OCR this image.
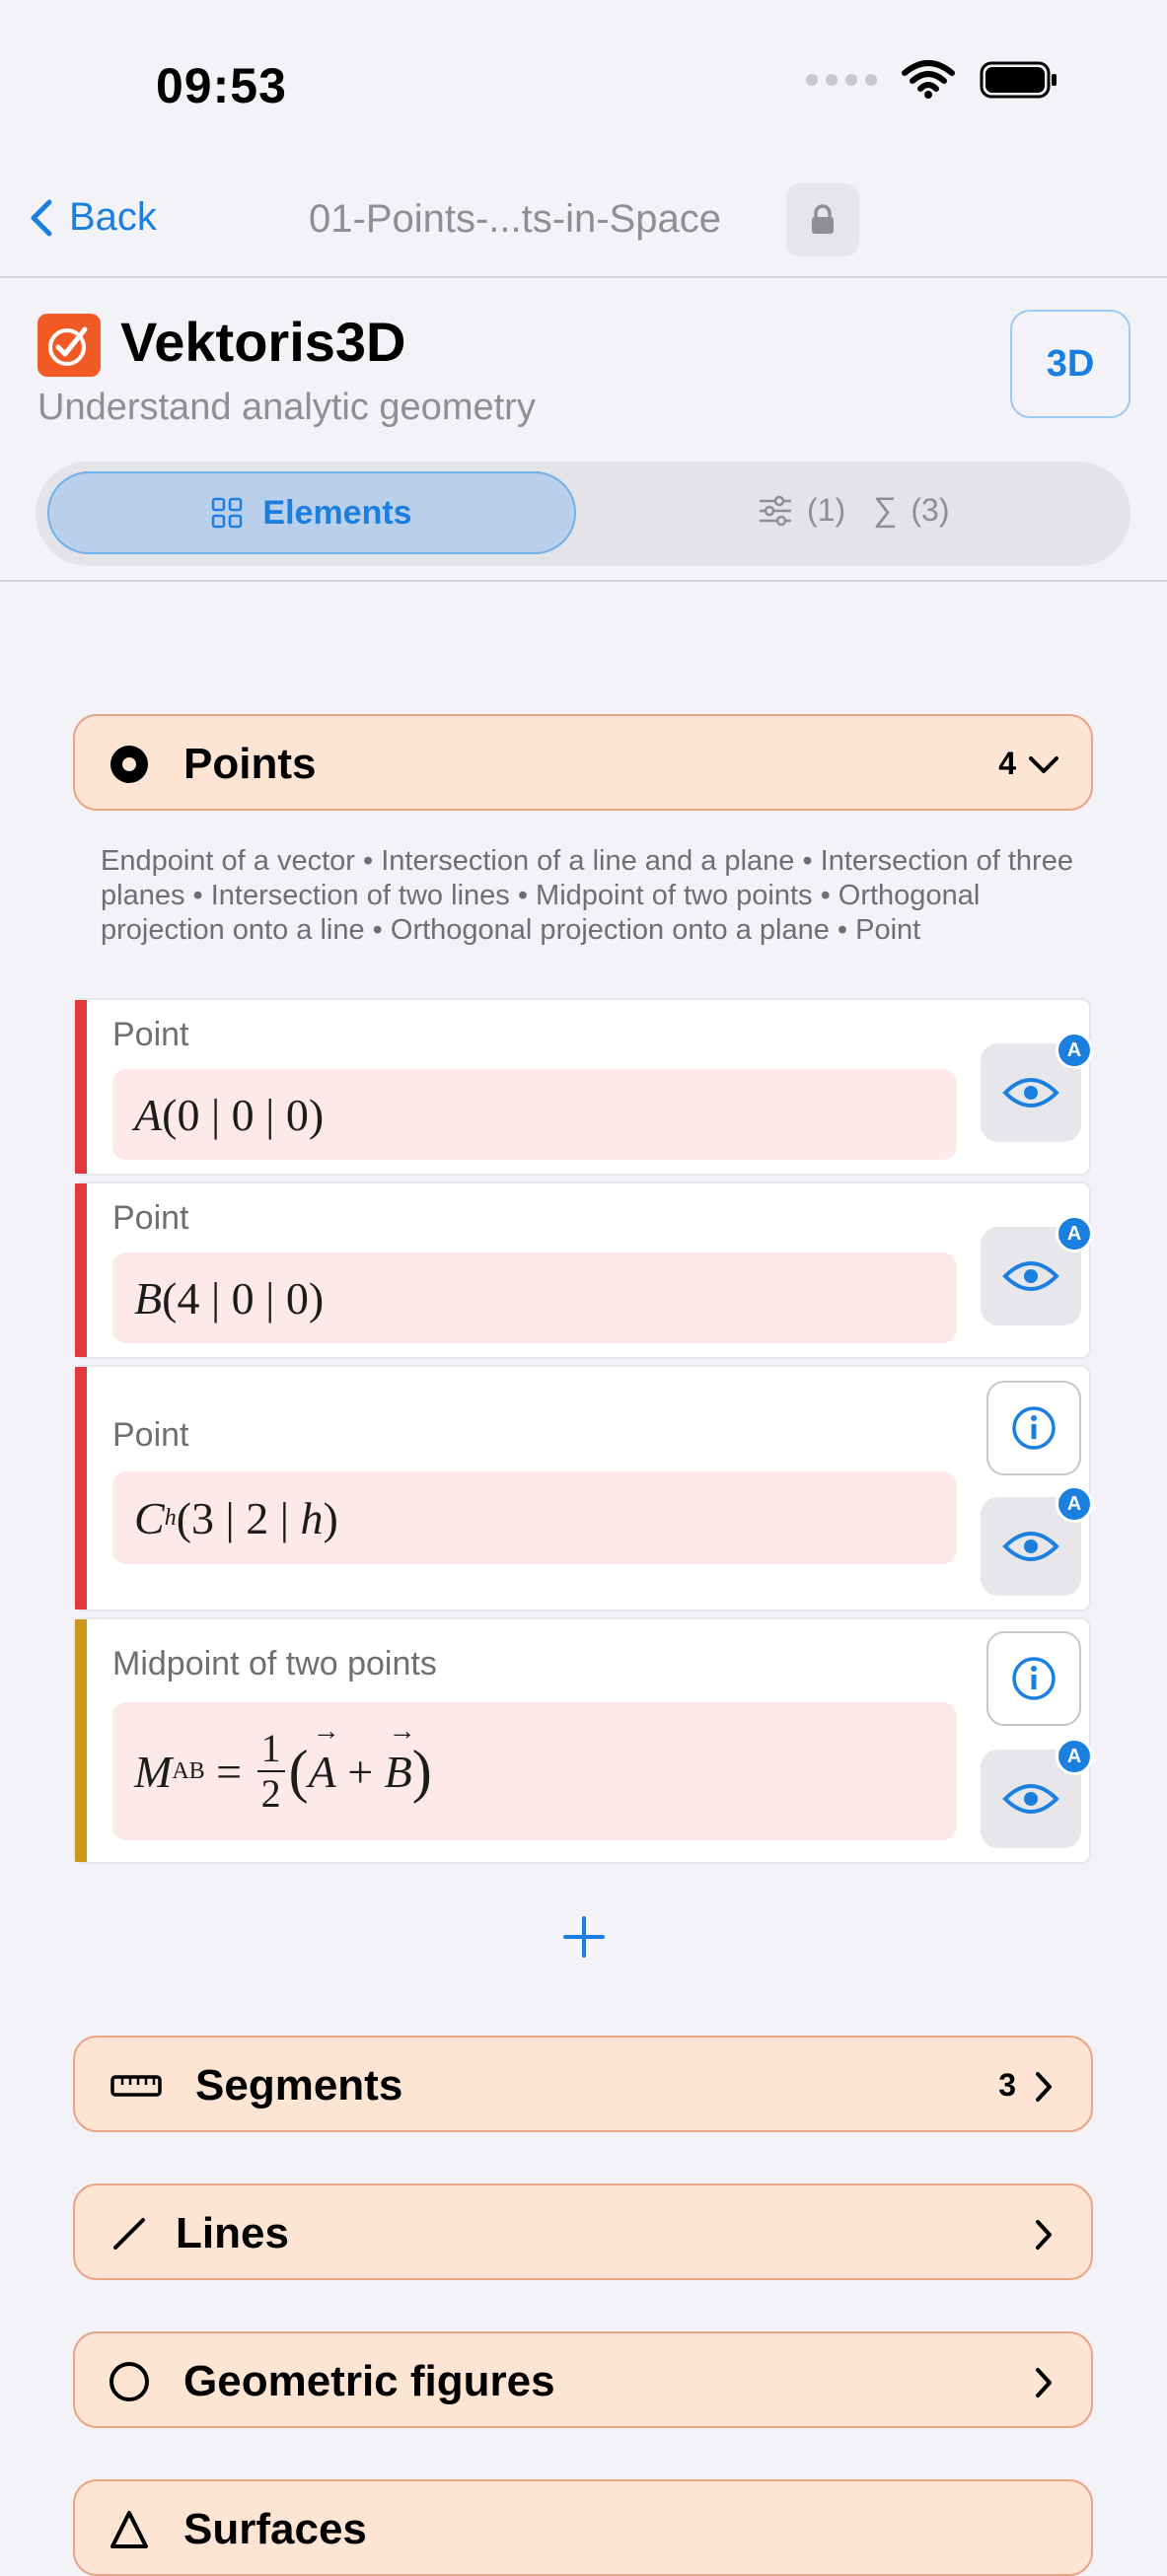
09:53
Back	01-Points-...ts-in-Space
Vektoris3D
Understand analytic geometry
3D
Elements	(1) ∑ (3)
Points	4
Endpoint of a vector • Intersection of a line and a plane • Intersection of three planes • Intersection of two lines • Midpoint of two points • Orthogonal projection onto a line • Orthogonal projection onto a plane • Point
Point
A ( 0 | 0 | 0 )
A
Point
B ( 4 | 0 | 0 )
A
Point
C h ( 3 | 2 | h )	A
Midpoint of two points
M AB = $\frac{1}{2}$ ( → A + → B )	A
Segments	3
Lines
Geometric figures
Surfaces
